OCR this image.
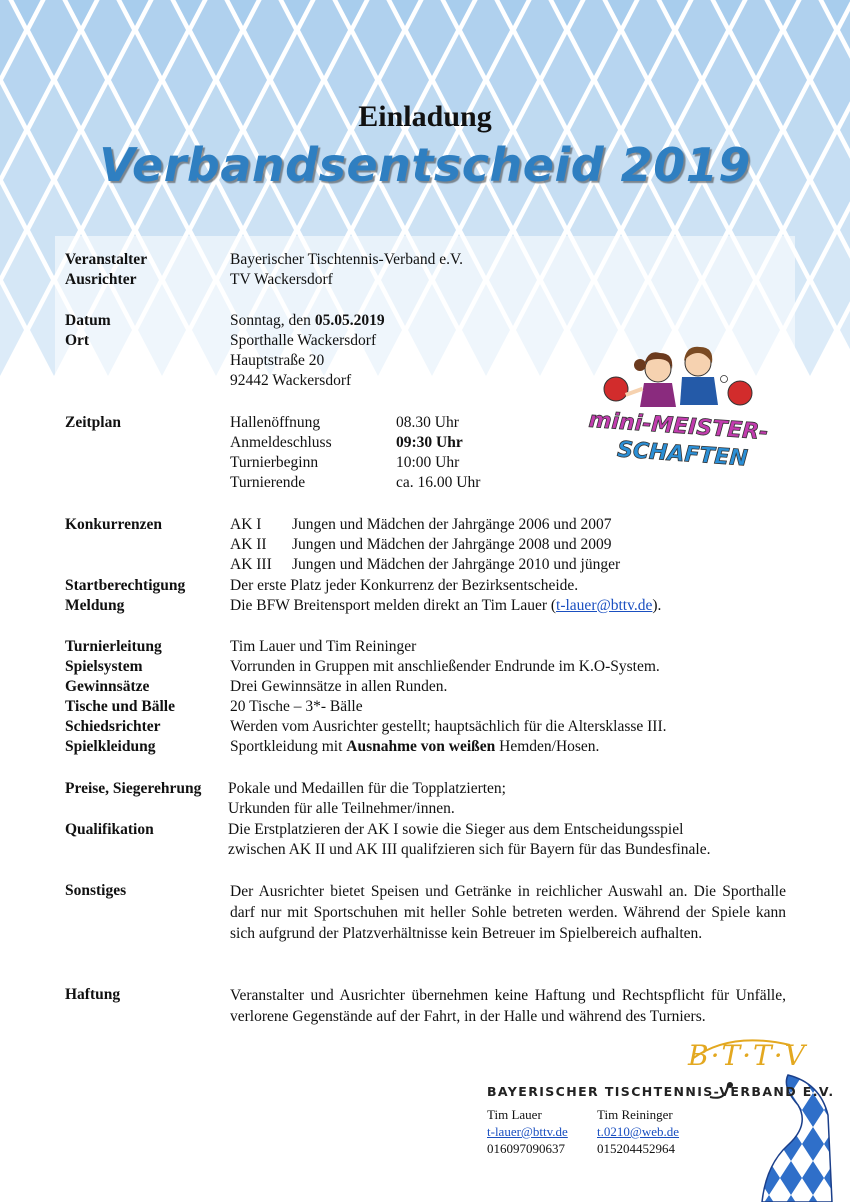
Einladung
Verbandsentscheid 2019
Veranstalter	Bayerischer Tischtennis-Verband e.V.
Ausrichter	TV Wackersdorf
Datum	Sonntag, den 05.05.2019
Ort	Sporthalle Wackersdorf
Hauptstraße 20
92442 Wackersdorf
Zeitplan	Hallenöffnung	08.30 Uhr
Anmeldeschluss	09:30 Uhr
Turnierbeginn	10:00 Uhr
Turnierende	ca. 16.00 Uhr
mini-MEISTER-
SCHAFTEN
Konkurrenzen	AK I Jungen und Mädchen der Jahrgänge 2006 und 2007
AK II Jungen und Mädchen der Jahrgänge 2008 und 2009
AK III Jungen und Mädchen der Jahrgänge 2010 und jünger
Startberechtigung	Der erste Platz jeder Konkurrenz der Bezirksentscheide.
Meldung	Die BFW Breitensport melden direkt an Tim Lauer (t-lauer@bttv.de).
Turnierleitung	Tim Lauer und Tim Reininger
Spielsystem	Vorrunden in Gruppen mit anschließender Endrunde im K.O-System.
Gewinnsätze	Drei Gewinnsätze in allen Runden.
Tische und Bälle	20 Tische – 3*- Bälle
Schiedsrichter	Werden vom Ausrichter gestellt; hauptsächlich für die Altersklasse III.
Spielkleidung	Sportkleidung mit Ausnahme von weißen Hemden/Hosen.
Preise, Siegerehrung Pokale und Medaillen für die Topplatzierten;
Urkunden für alle Teilnehmer/innen.
Qualifikation	Die Erstplatzieren der AK I sowie die Sieger aus dem Entscheidungsspiel
zwischen AK II und AK III qualifzieren sich für Bayern für das Bundesfinale.
Sonstiges	Der Ausrichter bietet Speisen und Getränke in reichlicher Auswahl an. Die Sporthalle darf nur mit Sportschuhen mit heller Sohle betreten werden. Während der Spiele kann sich aufgrund der Platzverhältnisse kein Betreuer im Spielbereich aufhalten.
Haftung	Veranstalter und Ausrichter übernehmen keine Haftung und Rechtspflicht für Unfälle, verlorene Gegenstände auf der Fahrt, in der Halle und während des Turniers.
B·T·T·V
BAYERISCHER TISCHTENNIS-VERBAND E.V.
Tim Lauer
t-lauer@bttv.de
016097090637
Tim Reininger
t.0210@web.de
015204452964
